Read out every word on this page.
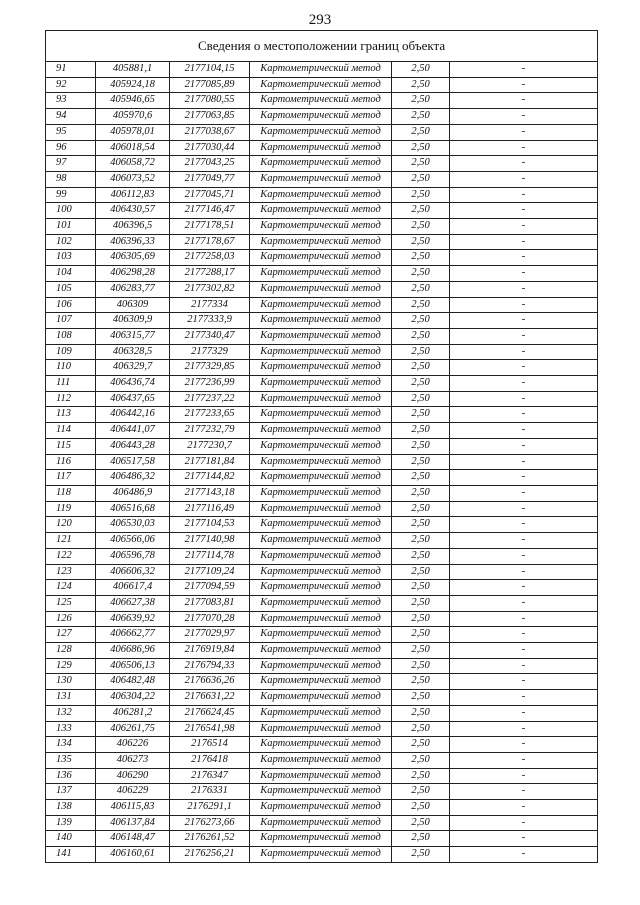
293
Сведения о местоположении границ объекта					
91	405881,1	2177104,15	Картометрический метод	2,50	-
92	405924,18	2177085,89	Картометрический метод	2,50	-
93	405946,65	2177080,55	Картометрический метод	2,50	-
94	405970,6	2177063,85	Картометрический метод	2,50	-
95	405978,01	2177038,67	Картометрический метод	2,50	-
96	406018,54	2177030,44	Картометрический метод	2,50	-
97	406058,72	2177043,25	Картометрический метод	2,50	-
98	406073,52	2177049,77	Картометрический метод	2,50	-
99	406112,83	2177045,71	Картометрический метод	2,50	-
100	406430,57	2177146,47	Картометрический метод	2,50	-
101	406396,5	2177178,51	Картометрический метод	2,50	-
102	406396,33	2177178,67	Картометрический метод	2,50	-
103	406305,69	2177258,03	Картометрический метод	2,50	-
104	406298,28	2177288,17	Картометрический метод	2,50	-
105	406283,77	2177302,82	Картометрический метод	2,50	-
106	406309	2177334	Картометрический метод	2,50	-
107	406309,9	2177333,9	Картометрический метод	2,50	-
108	406315,77	2177340,47	Картометрический метод	2,50	-
109	406328,5	2177329	Картометрический метод	2,50	-
110	406329,7	2177329,85	Картометрический метод	2,50	-
111	406436,74	2177236,99	Картометрический метод	2,50	-
112	406437,65	2177237,22	Картометрический метод	2,50	-
113	406442,16	2177233,65	Картометрический метод	2,50	-
114	406441,07	2177232,79	Картометрический метод	2,50	-
115	406443,28	2177230,7	Картометрический метод	2,50	-
116	406517,58	2177181,84	Картометрический метод	2,50	-
117	406486,32	2177144,82	Картометрический метод	2,50	-
118	406486,9	2177143,18	Картометрический метод	2,50	-
119	406516,68	2177116,49	Картометрический метод	2,50	-
120	406530,03	2177104,53	Картометрический метод	2,50	-
121	406566,06	2177140,98	Картометрический метод	2,50	-
122	406596,78	2177114,78	Картометрический метод	2,50	-
123	406606,32	2177109,24	Картометрический метод	2,50	-
124	406617,4	2177094,59	Картометрический метод	2,50	-
125	406627,38	2177083,81	Картометрический метод	2,50	-
126	406639,92	2177070,28	Картометрический метод	2,50	-
127	406662,77	2177029,97	Картометрический метод	2,50	-
128	406686,96	2176919,84	Картометрический метод	2,50	-
129	406506,13	2176794,33	Картометрический метод	2,50	-
130	406482,48	2176636,26	Картометрический метод	2,50	-
131	406304,22	2176631,22	Картометрический метод	2,50	-
132	406281,2	2176624,45	Картометрический метод	2,50	-
133	406261,75	2176541,98	Картометрический метод	2,50	-
134	406226	2176514	Картометрический метод	2,50	-
135	406273	2176418	Картометрический метод	2,50	-
136	406290	2176347	Картометрический метод	2,50	-
137	406229	2176331	Картометрический метод	2,50	-
138	406115,83	2176291,1	Картометрический метод	2,50	-
139	406137,84	2176273,66	Картометрический метод	2,50	-
140	406148,47	2176261,52	Картометрический метод	2,50	-
141	406160,61	2176256,21	Картометрический метод	2,50	-
